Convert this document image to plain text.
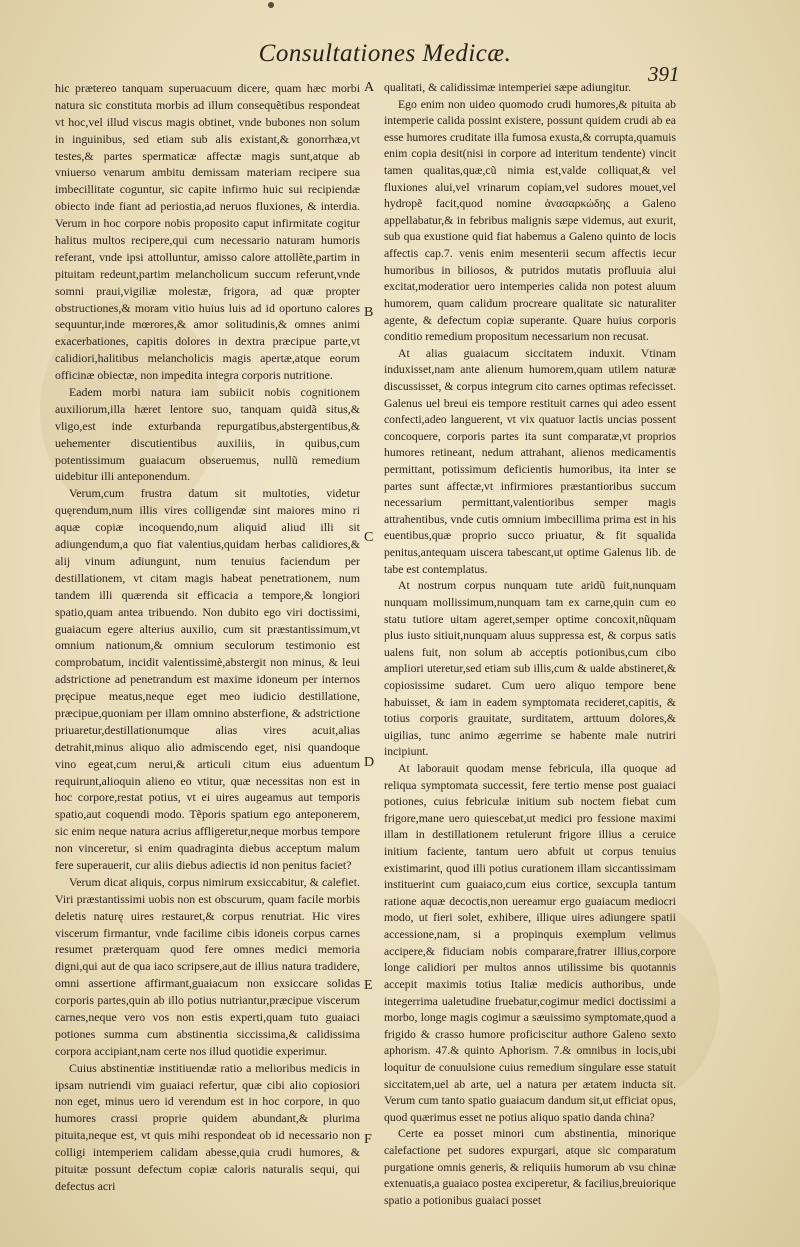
Consultationes Medicæ.
391

hic prætereo tanquam superuacuum dicere, quam hæc morbi natura sic constituta morbis ad illum consequẽtibus respondeat vt hoc,vel illud viscus magis obtinet, vnde bubones non solum in inguinibus, sed etiam sub alis existant,& gonorrhæa,vt testes,& partes spermaticæ affectæ magis sunt,atque ab vniuerso venarum ambitu demissam materiam recipere sua imbecillitate coguntur, sic capite infirmo huic sui recipiendæ obiecto inde fiant ad periostia,ad neruos fluxiones, & interdia. Verum in hoc corpore nobis proposito caput infirmitate cogitur halitus multos recipere,qui cum necessario naturam humoris referant, vnde ipsi attolluntur, amisso calore attollẽte,partim in pituitam redeunt,partim melancholicum succum referunt,vnde somni praui,vigiliæ molestæ, frigora, ad quæ propter obstructiones,& moram vitio huius luis ad id oportuno calores sequuntur,inde mœrores,& amor solitudinis,& omnes animi exacerbationes, capitis dolores in dextra præcipue parte,vt calidiori,halitibus melancholicis magis apertæ,atque eorum officinæ obiectæ, non impedita integra corporis nutritione.

Eadem morbi natura iam subiicit nobis cognitionem auxiliorum,illa hæret lentore suo, tanquam quidã situs,& vligo,est inde exturbanda repurgatibus,abstergentibus,& uehementer discutientibus auxiliis, in quibus,cum potentissimum guaiacum obseruemus, nullũ remedium uidebitur illi anteponendum.

Verum,cum frustra datum sit multoties, videtur quęrendum,num illis vires colligendæ sint maiores mino ri aquæ copiæ incoquendo,num aliquid aliud illi sit adiungendum,a quo fiat valentius,quidam herbas calidiores,& alij vinum adiungunt, num tenuius faciendum per destillationem, vt citam magis habeat penetrationem, num tandem illi quærenda sit efficacia a tempore,& longiori spatio,quam antea tribuendo. Non dubito ego viri doctissimi, guaiacum egere alterius auxilio, cum sit præstantissimum,vt omnium nationum,& omnium seculorum testimonio est comprobatum, incidit valentissimè,abstergit non minus, & leui adstrictione ad penetrandum est maxime idoneum per internos pręcipue meatus,neque eget meo iudicio destillatione, præcipue,quoniam per illam omnino absterfione, & adstrictione priuaretur,destillationumque alias vires acuit,alias detrahit,minus aliquo alio admiscendo eget, nisi quandoque vino egeat,cum nerui,& articuli citum eius aduentum requirunt,alioquin alieno eo vtitur, quæ necessitas non est in hoc corpore,restat potius, vt ei uires augeamus aut temporis spatio,aut coquendi modo. Tẽporis spatium ego anteponerem, sic enim neque natura acrius affligeretur,neque morbus tempore non vinceretur, si enim quadraginta diebus acceptum malum fere superauerit, cur aliis diebus adiectis id non penitus faciet?

Verum dicat aliquis, corpus nimirum exsiccabitur, & calefiet. Viri præstantissimi uobis non est obscurum, quam facile morbis deletis naturę uires restauret,& corpus renutriat. Hic vires viscerum firmantur, vnde facilime cibis idoneis corpus carnes resumet præterquam quod fere omnes medici memoria digni,qui aut de qua iaco scripsere,aut de illius natura tradidere, omni assertione affirmant,guaiacum non exsiccare solidas corporis partes,quin ab illo potius nutriantur,præcipue viscerum carnes,neque vero vos non estis experti,quam tuto guaiaci potiones summa cum abstinentia siccissima,& calidissima corpora accipiant,nam certe nos illud quotidie experimur.

Cuius abstinentiæ institiuendæ ratio a melioribus medicis in ipsam nutriendi vim guaiaci refertur, quæ cibi alio copiosiori non eget, minus uero id verendum est in hoc corpore, in quo humores crassi proprie quidem abundant,& plurima pituita,neque est, vt quis mihi respondeat ob id necessario non colligi intemperiem calidam abesse,quia crudi humores, & pituitæ possunt defectum copiæ caloris naturalis sequi, qui defectus acri

qualitati, & calidissimæ intemperiei sæpe adiungitur.

Ego enim non uideo quomodo crudi humores,& pituita ab intemperie calida possint existere, possunt quidem crudi ab ea esse humores cruditate illa fumosa exusta,& corrupta,quamuis enim copia desit(nisi in corpore ad interitum tendente) vincit tamen qualitas,quæ,cũ nimia est,valde colliquat,& vel fluxiones alui,vel vrinarum copiam,vel sudores mouet,vel hydropẽ facit,quod nomine ἀνασαρκώδης a Galeno appellabatur,& in febribus malignis sæpe videmus, aut exurit, sub qua exustione quid fiat habemus a Galeno quinto de locis affectis cap.7. venis enim mesenterii secum affectis iecur humoribus in biliosos, & putridos mutatis profluuia alui excitat,moderatior uero intemperies calida non potest aluum humorem, quam calidum procreare qualitate sic naturaliter agente, & defectum copiæ superante. Quare huius corporis conditio remedium propositum necessarium non recusat.

At alias guaiacum siccitatem induxit. Vtinam induxisset,nam ante alienum humorem,quam utilem naturæ discussisset, & corpus integrum cito carnes optimas refecisset. Galenus uel breui eis tempore restituit carnes qui adeo essent confecti,adeo languerent, vt vix quatuor lactis uncias possent concoquere, corporis partes ita sunt comparatæ,vt proprios humores retineant, nedum attrahant, alienos medicamentis permittant, potissimum deficientis humoribus, ita inter se partes sunt affectæ,vt infirmiores præstantioribus succum necessarium permittant,valentioribus semper magis attrahentibus, vnde cutis omnium imbecillima prima est in his euentibus,quæ proprio succo priuatur, & fit squalida penitus,antequam uiscera tabescant,ut optime Galenus lib. de tabe est contemplatus.

At nostrum corpus nunquam tute aridũ fuit,nunquam nunquam mollissimum,nunquam tam ex carne,quin cum eo statu tutiore uitam ageret,semper optime concoxit,nũquam plus iusto sitiuit,nunquam aluus suppressa est, & corpus satis ualens fuit, non solum ab acceptis potionibus,cum cibo ampliori uteretur,sed etiam sub illis,cum & ualde abstineret,& copiosissime sudaret. Cum uero aliquo tempore bene habuisset, & iam in eadem symptomata recideret,capitis, & totius corporis grauitate, surditatem, arttuum dolores,& uigilias, tunc animo ægerrime se habente male nutriri incipiunt.

At laborauit quodam mense febricula, illa quoque ad reliqua symptomata successit, fere tertio mense post guaiaci potiones, cuius febriculæ initium sub noctem fiebat cum frigore,mane uero quiescebat,ut medici pro fessione maximi illam in destillationem retulerunt frigore illius a ceruice initium faciente, tantum uero abfuit ut corpus tenuius existimarint, quod illi potius curationem illam siccantissimam instituerint cum guaiaco,cum eius cortice, sexcupla tantum ratione aquæ decoctis,non uereamur ergo guaiacum mediocri modo, ut fieri solet, exhibere, illique uires adiungere spatii accessione,nam, si a propinquis exemplum velimus accipere,& fiduciam nobis comparare,fratrer illius,corpore longe calidiori per multos annos utilissime bis quotannis accepit maximis totius Italiæ medicis authoribus, unde integerrima ualetudine fruebatur,cogimur medici doctissimi a morbo, longe magis cogimur a sæuissimo symptomate,quod a frigido & crasso humore proficiscitur authore Galeno sexto aphorism. 47.& quinto Aphorism. 7.& omnibus in locis,ubi loquitur de conuulsione cuius remedium singulare esse statuit siccitatem,uel ab arte, uel a natura per ætatem inducta sit. Verum cum tanto spatio guaiacum dandum sit,ut efficiat opus, quod quærimus esset ne potius aliquo spatio danda china?

Certe ea posset minori cum abstinentia, minorique calefactione pet sudores expurgari, atque sic comparatum purgatione omnis generis, & reliquiis humorum ab vsu chinæ extenuatis,a guaiaco postea exciperetur, & facilius,breuiorique spatio a potionibus guaiaci posset

A
B
C
D
E
F
